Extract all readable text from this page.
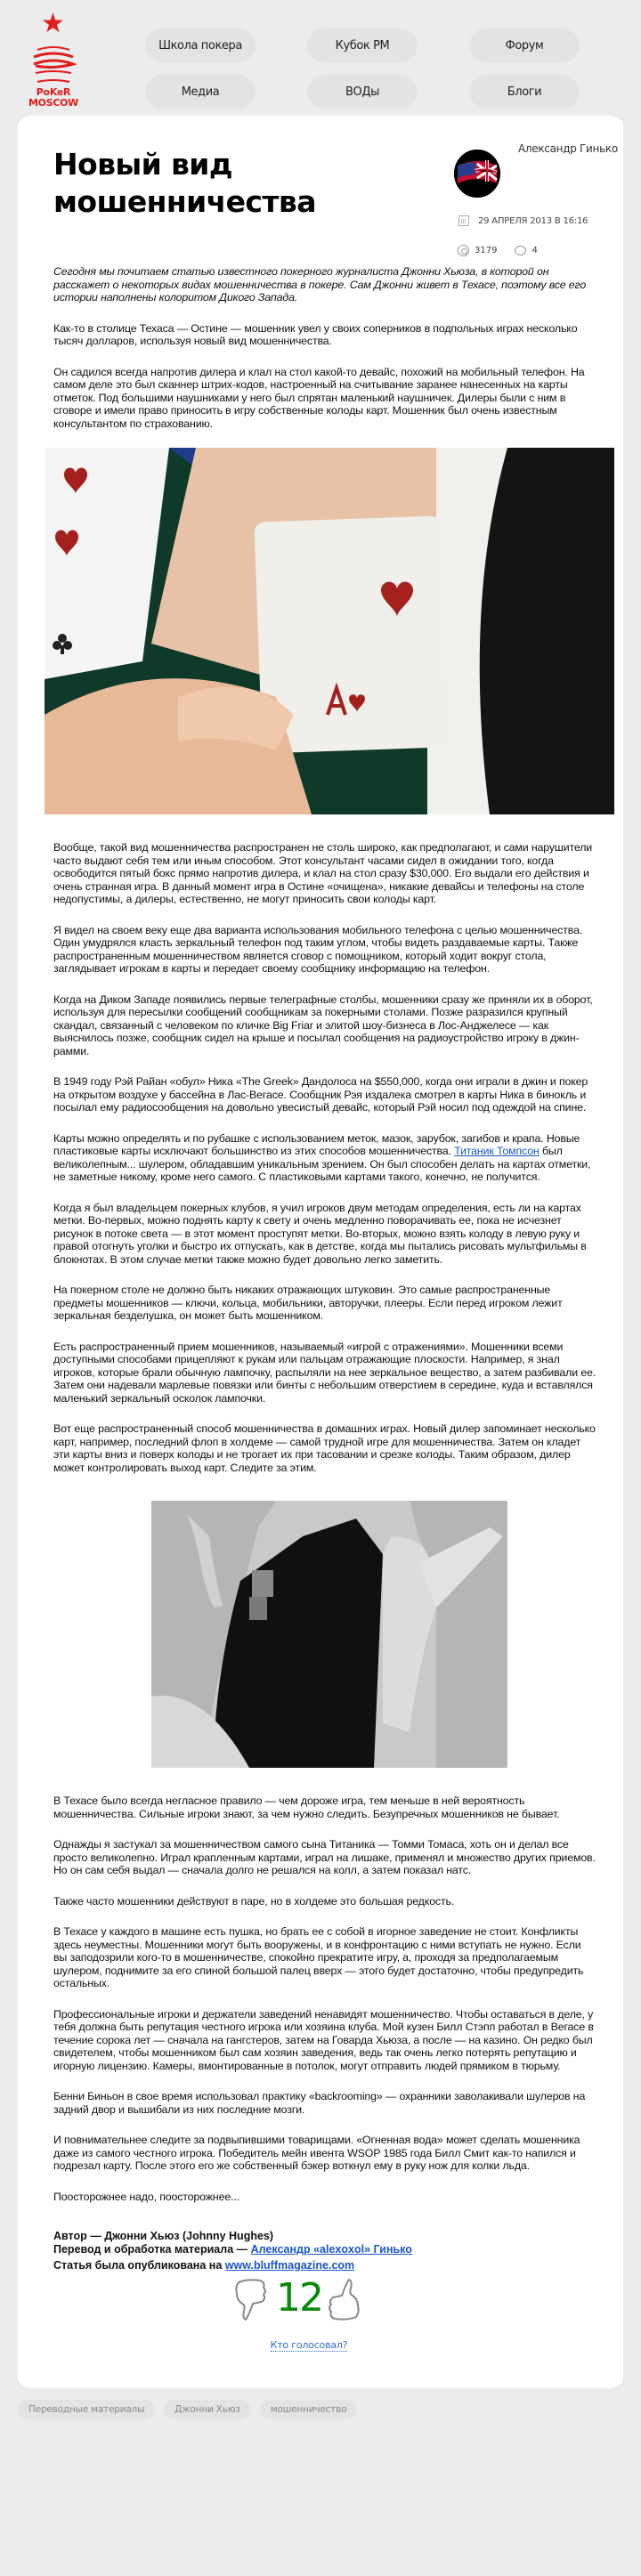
★
PoKeR
MOSCOW
Школа покера	Кубок PM	Форум
Медиа	ВОДы	Блоги
Новый вид мошенничества
Александр Гинько
29 АПРЕЛЯ 2013 В 16:16
3179	4

Сегодня мы почитаем статью известного покерного журналиста Джонни Хьюза, в которой он расскажет о некоторых видах мошенничества в покере. Сам Джонни живет в Техасе, поэтому все его истории наполнены колоритом Дикого Запада.

Как-то в столице Техаса — Остине — мошенник увел у своих соперников в подпольных играх несколько тысяч долларов, используя новый вид мошенничества.

Он садился всегда напротив дилера и клал на стол какой-то девайс, похожий на мобильный телефон. На самом деле это был сканнер штрих-кодов, настроенный на считывание заранее нанесенных на карты отметок. Под большими наушниками у него был спрятан маленький наушничек. Дилеры были с ним в сговоре и имели право приносить в игру собственные колоды карт. Мошенник был очень известным консультантом по страхованию.

Вообще, такой вид мошенничества распространен не столь широко, как предполагают, и сами нарушители часто выдают себя тем или иным способом. Этот консультант часами сидел в ожидании того, когда освободится пятый бокс прямо напротив дилера, и клал на стол сразу $30,000. Его выдали его действия и очень странная игра. В данный момент игра в Остине «очищена», никакие девайсы и телефоны на столе недопустимы, а дилеры, естественно, не могут приносить свои колоды карт.

Я видел на своем веку еще два варианта использования мобильного телефона с целью мошенничества. Один умудрялся класть зеркальный телефон под таким углом, чтобы видеть раздаваемые карты. Также распространенным мошенничеством является сговор с помощником, который ходит вокруг стола, заглядывает игрокам в карты и передает своему сообщнику информацию на телефон.

Когда на Диком Западе появились первые телеграфные столбы, мошенники сразу же приняли их в оборот, используя для пересылки сообщений сообщникам за покерными столами. Позже разразился крупный скандал, связанный с человеком по кличке Big Friar и элитой шоу-бизнеса в Лос-Анджелесе — как выяснилось позже, сообщник сидел на крыше и посылал сообщения на радиоустройство игроку в джин-рамми.

В 1949 году Рэй Райан «обул» Ника «The Greek» Дандолоса на $550,000, когда они играли в джин и покер на открытом воздухе у бассейна в Лас-Вегасе. Сообщник Рэя издалека смотрел в карты Ника в бинокль и посылал ему радиосообщения на довольно увесистый девайс, который Рэй носил под одеждой на спине.

Карты можно определять и по рубашке с использованием меток, мазок, зарубок, загибов и крапа. Новые пластиковые карты исключают большинство из этих способов мошенничества. Титаник Томпсон был великолепным... шулером, обладавшим уникальным зрением. Он был способен делать на картах отметки, не заметные никому, кроме него самого. С пластиковыми картами такого, конечно, не получится.

Когда я был владельцем покерных клубов, я учил игроков двум методам определения, есть ли на картах метки. Во-первых, можно поднять карту к свету и очень медленно поворачивать ее, пока не исчезнет рисунок в потоке света — в этот момент проступят метки. Во-вторых, можно взять колоду в левую руку и правой отогнуть уголки и быстро их отпускать, как в детстве, когда мы пытались рисовать мультфильмы в блокнотах. В этом случае метки также можно будет довольно легко заметить.

На покерном столе не должно быть никаких отражающих штуковин. Это самые распространенные предметы мошенников — ключи, кольца, мобильники, авторучки, плееры. Если перед игроком лежит зеркальная безделушка, он может быть мошенником.

Есть распространенный прием мошенников, называемый «игрой с отражениями». Мошенники всеми доступными способами прицепляют к рукам или пальцам отражающие плоскости. Например, я знал игроков, которые брали обычную лампочку, распыляли на нее зеркальное вещество, а затем разбивали ее. Затем они надевали марлевые повязки или бинты с небольшим отверстием в середине, куда и вставлялся маленький зеркальный осколок лампочки.

Вот еще распространенный способ мошенничества в домашних играх. Новый дилер запоминает несколько карт, например, последний флоп в холдеме — самой трудной игре для мошенничества. Затем он кладет эти карты вниз и поверх колоды и не трогает их при тасовании и срезке колоды. Таким образом, дилер может контролировать выход карт. Следите за этим.

В Техасе было всегда негласное правило — чем дороже игра, тем меньше в ней вероятность мошенничества. Сильные игроки знают, за чем нужно следить. Безупречных мошенников не бывает.

Однажды я застукал за мошенничеством самого сына Титаника — Томми Томаса, хоть он и делал все просто великолепно. Играл крапленным картами, играл на лишаке, применял и множество других приемов. Но он сам себя выдал — сначала долго не решался на колл, а затем показал натс.

Также часто мошенники действуют в паре, но в холдеме это большая редкость.

В Техасе у каждого в машине есть пушка, но брать ее с собой в игорное заведение не стоит. Конфликты здесь неуместны. Мошенники могут быть вооружены, и в конфронтацию с ними вступать не нужно. Если вы заподозрили кого-то в мошенничестве, спокойно прекратите игру, а, проходя за предполагаемым шулером, поднимите за его спиной большой палец вверх — этого будет достаточно, чтобы предупредить остальных.

Профессиональные игроки и держатели заведений ненавидят мошенничество. Чтобы оставаться в деле, у тебя должна быть репутация честного игрока или хозяина клуба. Мой кузен Билл Стэпп работал в Вегасе в течение сорока лет — сначала на гангстеров, затем на Говарда Хьюза, а после — на казино. Он редко был свидетелем, чтобы мошенником был сам хозяин заведения, ведь так очень легко потерять репутацию и игорную лицензию. Камеры, вмонтированные в потолок, могут отправить людей прямиком в тюрьму.

Бенни Биньон в свое время использовал практику «backrooming» — охранники заволакивали шулеров на задний двор и вышибали из них последние мозги.

И повнимательнее следите за подвыпившими товарищами. «Огненная вода» может сделать мошенника даже из самого честного игрока. Победитель мейн ивента WSOP 1985 года Билл Смит как-то напился и подрезал карту. После этого его же собственный бэкер воткнул ему в руку нож для колки льда.

Поосторожнее надо, поосторожнее...

Автор — Джонни Хьюз (Johnny Hughes)
Перевод и обработка материала — Александр «alexoxol» Гинько
Статья была опубликована на www.bluffmagazine.com
12
Кто голосовал?
Переводные материалы	Джонни Хьюз	мошенничество
